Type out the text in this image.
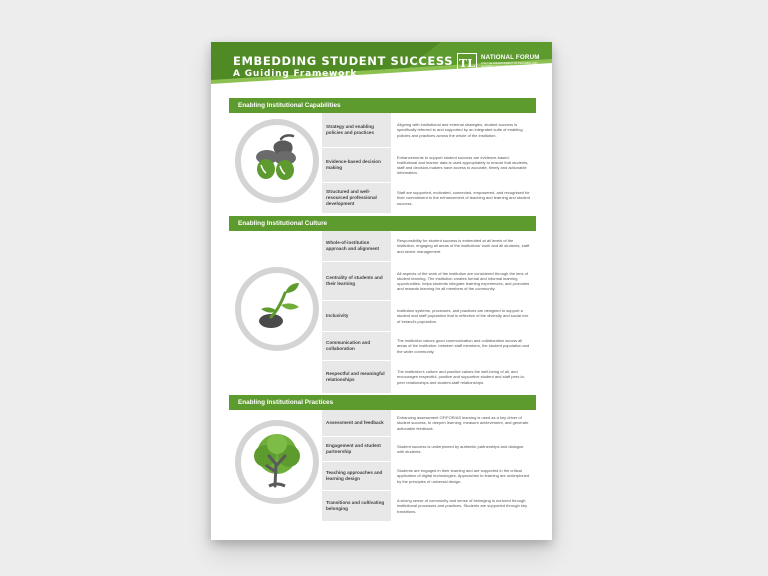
EMBEDDING STUDENT SUCCESS
A Guiding Framework
TL NATIONAL FORUM
FOR THE ENHANCEMENT OF TEACHING AND LEARNING IN HIGHER EDUCATION
Enabling Institutional Capabilities
Strategy and enabling policies and practices
Aligning with institutional and external strategies, student success is specifically referred to and supported by an integrated suite of enabling policies and practices across the whole of the institution.
Evidence-based decision making
Enhancements to support student success are evidence-based. Institutional and learner data is used appropriately to ensure that students, staff and decision-makers have access to accurate, timely and actionable information.
Structured and well-resourced professional development
Staff are supported, motivated, connected, empowered, and recognised for their commitment to the enhancement of teaching and learning and student success.
Enabling Institutional Culture
Whole-of-institution approach and alignment
Responsibility for student success is embedded at all levels of the institution, engaging all areas of the institutions' work and all students, staff and senior management.
Centrality of students and their learning
All aspects of the work of the institution are considered through the lens of student learning. The institution creates formal and informal learning opportunities, helps students integrate learning experiences, and promotes and rewards learning for all members of the community.
Inclusivity
Institution systems, processes, and practices are designed to support a student and staff population that is reflective of the diversity and social mix of Ireland's population.
Communication and collaboration
The institution values good communication and collaboration across all areas of the institution: between staff members, the student population and the wider community.
Respectful and meaningful relationships
The institution's culture and practice values the well-being of all, and encourages respectful, positive and supportive student and staff peer-to-peer relationships and student-staff relationships.
Enabling Institutional Practices
Assessment and feedback
Enhancing assessment OF/FOR/AS learning is used as a key driver of student success, to deepen learning, measure achievement, and generate actionable feedback.
Engagement and student partnership
Student success is underpinned by authentic partnerships and dialogue with students.
Teaching approaches and learning design
Students are engaged in their learning and are supported in the critical application of digital technologies. Approaches to learning are underpinned by the principles of universal design.
Transitions and cultivating belonging
A strong sense of community and sense of belonging is nurtured through institutional processes and practices. Students are supported through key transitions.
